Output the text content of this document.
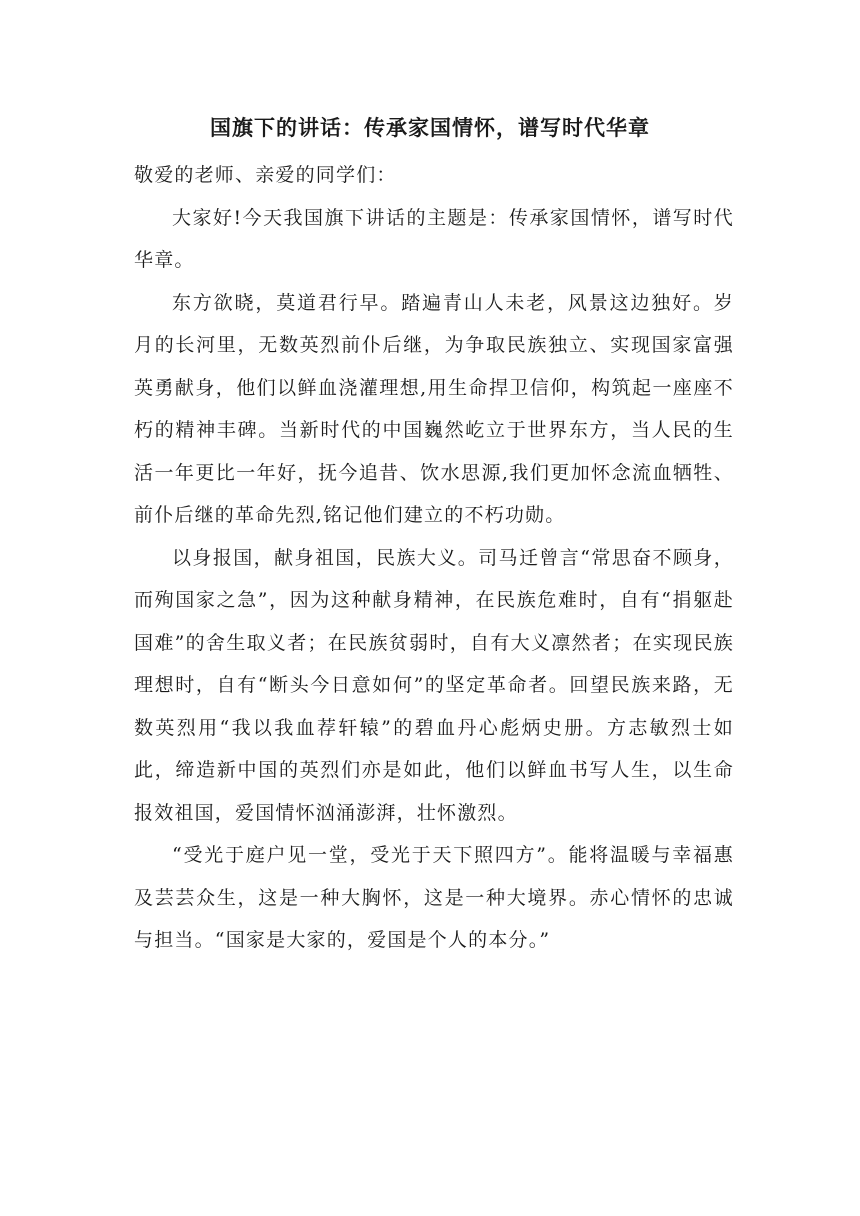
国旗下的讲话：传承家国情怀，谱写时代华章

敬爱的老师、亲爱的同学们：

大家好!今天我国旗下讲话的主题是：传承家国情怀，谱写时代华章。

东方欲晓，莫道君行早。踏遍青山人未老，风景这边独好。岁月的长河里，无数英烈前仆后继，为争取民族独立、实现国家富强英勇献身，他们以鲜血浇灌理想,用生命捍卫信仰，构筑起一座座不朽的精神丰碑。当新时代的中国巍然屹立于世界东方，当人民的生活一年更比一年好，抚今追昔、饮水思源,我们更加怀念流血牺牲、前仆后继的革命先烈,铭记他们建立的不朽功勋。

以身报国，献身祖国，民族大义。司马迁曾言“常思奋不顾身，而殉国家之急”，因为这种献身精神，在民族危难时，自有“捐躯赴国难”的舍生取义者；在民族贫弱时，自有大义凛然者；在实现民族理想时，自有“断头今日意如何”的坚定革命者。回望民族来路，无数英烈用“我以我血荐轩辕”的碧血丹心彪炳史册。方志敏烈士如此，缔造新中国的英烈们亦是如此，他们以鲜血书写人生，以生命报效祖国，爱国情怀汹涌澎湃，壮怀激烈。

“受光于庭户见一堂，受光于天下照四方”。能将温暖与幸福惠及芸芸众生，这是一种大胸怀，这是一种大境界。赤心情怀的忠诚与担当。“国家是大家的，爱国是个人的本分。”
